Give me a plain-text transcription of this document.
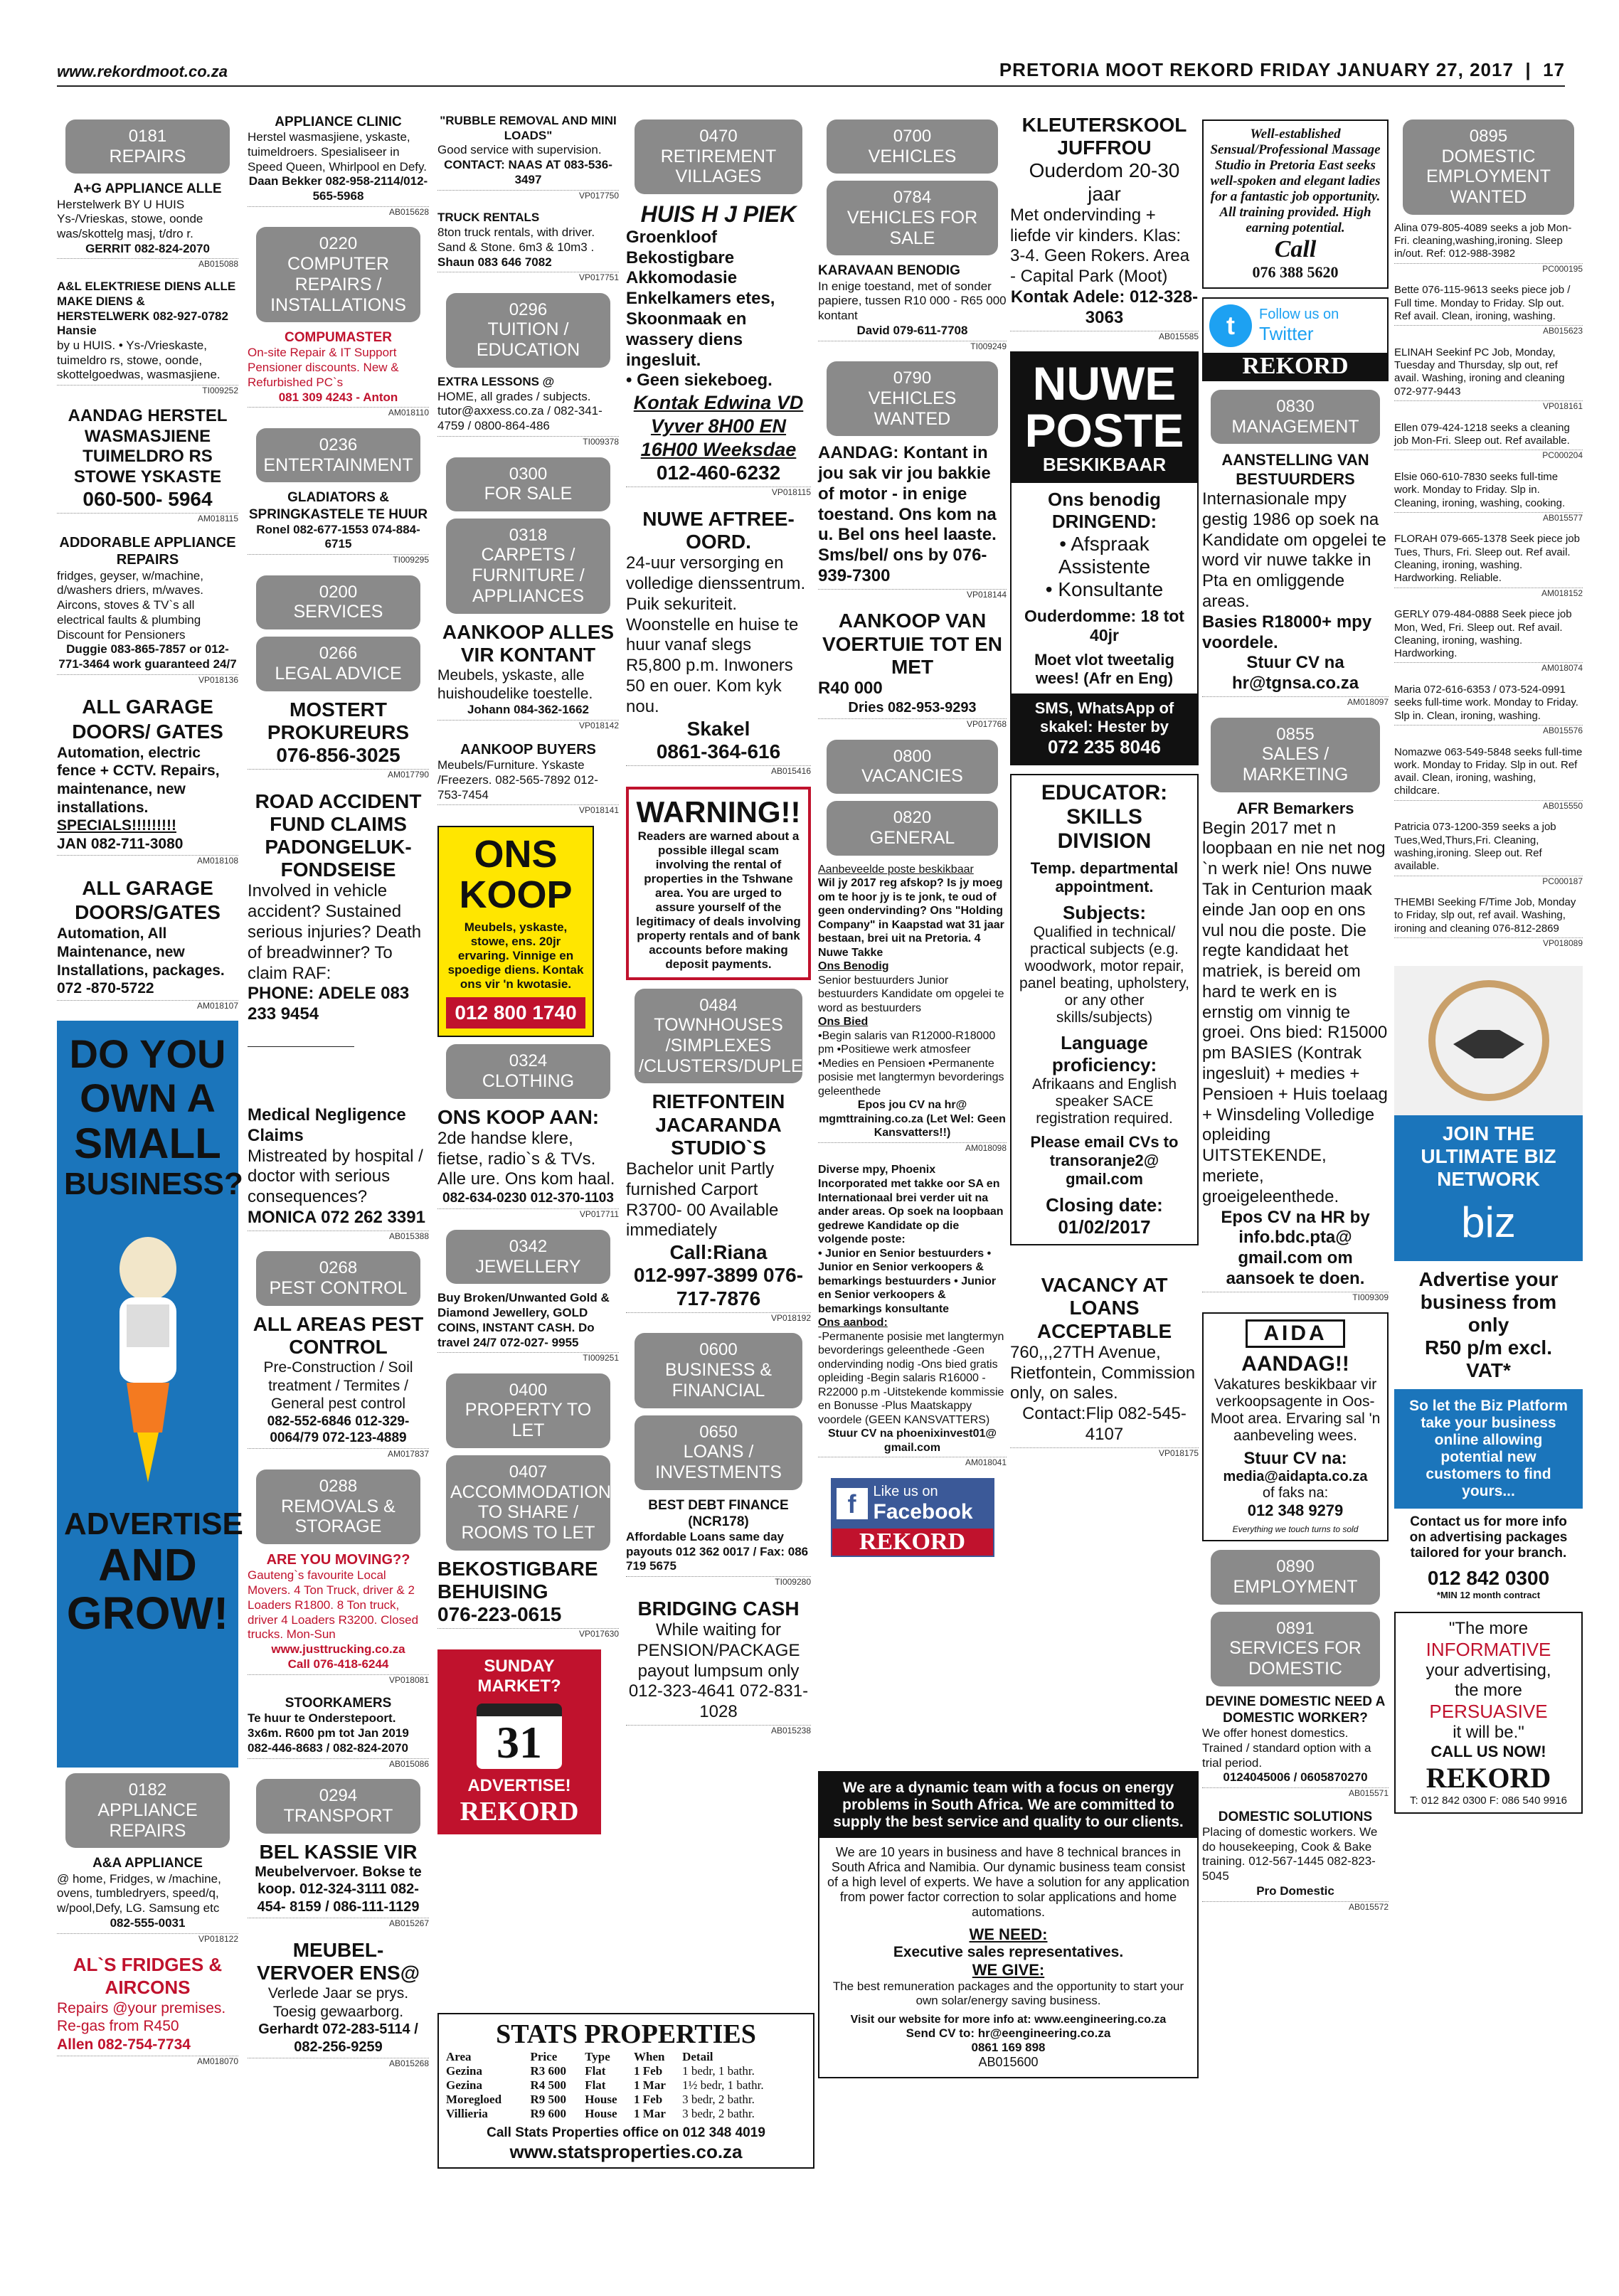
www.rekordmoot.co.za	PRETORIA MOOT REKORD FRIDAY JANUARY 27, 2017  |  17
0181
REPAIRS
A+G APPLIANCE ALLE
Herstelwerk BY U HUIS Ys-/Vrieskas, stowe, oonde was/skottelg masj, t/dro r.
GERRIT 082-824-2070
AB015088
A&L ELEKTRIESE DIENS ALLE MAKE DIENS & HERSTELWERK 082-927-0782 Hansie
by u HUIS. • Ys-/Vrieskaste, tuimeldro rs, stowe, oonde, skottelgoedwas, wasmasjiene.
TI009252
AANDAG HERSTEL WASMASJIENE TUIMELDRO RS STOWE YSKASTE
060-500- 5964
AM018115
ADDORABLE APPLIANCE REPAIRS
fridges, geyser, w/machine, d/washers driers, m/waves. Aircons, stoves & TV`s all electrical faults & plumbing Discount for Pensioners
Duggie 083-865-7857 or 012-771-3464 work guaranteed 24/7
VP018136
ALL GARAGE DOORS/ GATES
Automation, electric fence + CCTV. Repairs, maintenance, new installations.
SPECIALS!!!!!!!!!
JAN 082-711-3080
AM018108
ALL GARAGE DOORS/GATES
Automation, All Maintenance, new Installations, packages.
072 -870-5722
AM018107
DO YOU
OWN A
SMALL
BUSINESS?
ADVERTISE
AND
GROW!
0182
APPLIANCE REPAIRS
A&A APPLIANCE
@ home, Fridges, w /machine, ovens, tumbledryers, speed/q, w/pool,Defy, LG. Samsung etc
082-555-0031
VP018122
AL`S FRIDGES & AIRCONS
Repairs @your premises. Re-gas from R450
Allen 082-754-7734
AM018070
APPLIANCE CLINIC
Herstel wasmasjiene, yskaste, tuimeldroers. Spesialiseer in Speed Queen, Whirlpool en Defy.
Daan Bekker 082-958-2114/012-565-5968
AB015628
0220
COMPUTER REPAIRS / INSTALLATIONS
COMPUMASTER
On-site Repair & IT Support Pensioner discounts. New & Refurbished PC`s
081 309 4243 - Anton
AM018110
0236
ENTERTAINMENT
GLADIATORS & SPRINGKASTELE TE HUUR
Ronel 082-677-1553 074-884-6715
TI009295
0200
SERVICES
0266
LEGAL ADVICE
MOSTERT PROKUREURS
076-856-3025
AM017790
ROAD ACCIDENT FUND CLAIMS PADONGELUK-FONDSEISE
Involved in vehicle accident? Sustained serious injuries? Death of breadwinner? To claim RAF:
PHONE: ADELE 083 233 9454
Medical Negligence Claims
Mistreated by hospital / doctor with serious consequences?
MONICA 072 262 3391
AB015388
0268
PEST CONTROL
ALL AREAS PEST CONTROL
Pre-Construction / Soil treatment / Termites / General pest control
082-552-6846 012-329-0064/79 072-123-4889
AM017837
0288
REMOVALS & STORAGE
ARE YOU MOVING??
Gauteng`s favourite Local Movers. 4 Ton Truck, driver & 2 Loaders R1800. 8 Ton truck, driver 4 Loaders R3200. Closed trucks. Mon-Sun
www.justtrucking.co.za
Call 076-418-6244
VP018081
STOORKAMERS
Te huur te Onderstepoort. 3x6m. R600 pm tot Jan 2019 082-446-8683 / 082-824-2070
AB015086
0294
TRANSPORT
BEL KASSIE VIR
Meubelvervoer. Bokse te koop. 012-324-3111 082-454- 8159 / 086-111-1129
AB015267
MEUBEL-VERVOER ENS@
Verlede Jaar se prys. Toesig gewaarborg.
Gerhardt 072-283-5114 / 082-256-9259
AB015268
"RUBBLE REMOVAL AND MINI LOADS"
Good service with supervision.
CONTACT: NAAS AT 083-536-3497
VP017750
TRUCK RENTALS
8ton truck rentals, with driver. Sand & Stone. 6m3 & 10m3 .
Shaun 083 646 7082
VP017751
0296
TUITION / EDUCATION
EXTRA LESSONS @
HOME, all grades / subjects. tutor@axxess.co.za / 082-341-4759 / 0800-864-486
TI009378
0300
FOR SALE
0318
CARPETS / FURNITURE / APPLIANCES
AANKOOP ALLES VIR KONTANT
Meubels, yskaste, alle huishoudelike toestelle.
Johann 084-362-1662
VP018142
AANKOOP BUYERS
Meubels/Furniture. Yskaste /Freezers. 082-565-7892 012- 753-7454
VP018141
ONS KOOP
Meubels, yskaste, stowe, ens. 20jr ervaring. Vinnige en spoedige diens. Kontak ons vir 'n kwotasie.
012 800 1740
0324
CLOTHING
ONS KOOP AAN:
2de handse klere, fietse, radio`s & TVs. Alle ure. Ons kom haal.
082-634-0230 012-370-1103
VP017711
0342
JEWELLERY
Buy Broken/Unwanted Gold & Diamond Jewellery, GOLD COINS, INSTANT CASH. Do travel 24/7 072-027- 9955
TI009251
0400
PROPERTY TO LET
0407
ACCOMMODATION TO SHARE / ROOMS TO LET
BEKOSTIGBARE BEHUISING
076-223-0615
VP017630
SUNDAY MARKET?
31
ADVERTISE!
REKORD
0470
RETIREMENT VILLAGES
HUIS H J PIEK
Groenkloof Bekostigbare Akkomodasie Enkelkamers etes, Skoonmaak en wassery diens ingesluit.
• Geen siekeboeg.
Kontak Edwina VD Vyver 8H00 EN 16H00 Weeksdae
012-460-6232
VP018115
NUWE AFTREE-OORD.
24-uur versorging en volledige dienssentrum. Puik sekuriteit. Woonstelle en huise te huur vanaf slegs R5,800 p.m. Inwoners 50 en ouer. Kom kyk nou.
Skakel
0861-364-616
AB015416
WARNING!!
Readers are warned about a possible illegal scam involving the rental of properties in the Tshwane area. You are urged to assure yourself of the legitimacy of deals involving property rentals and of bank accounts before making deposit payments.
0484
TOWNHOUSES /SIMPLEXES /CLUSTERS/DUPLEXES
RIETFONTEIN JACARANDA STUDIO`S
Bachelor unit Partly furnished Carport R3700- 00 Available immediately
Call:Riana
012-997-3899 076-717-7876
VP018192
0600
BUSINESS & FINANCIAL
0650
LOANS / INVESTMENTS
BEST DEBT FINANCE (NCR178)
Affordable Loans same day payouts 012 362 0017 / Fax: 086 719 5675
TI009280
BRIDGING CASH
While waiting for PENSION/PACKAGE payout lumpsum only
012-323-4641 072-831-1028
AB015238
0700
VEHICLES
0784
VEHICLES FOR SALE
KARAVAAN BENODIG
In enige toestand, met of sonder papiere, tussen R10 000 - R65 000 kontant
David 079-611-7708
TI009249
0790
VEHICLES WANTED
AANDAG: Kontant in jou sak vir jou bakkie of motor - in enige toestand. Ons kom na u. Bel ons heel laaste. Sms/bel/ ons by 076-939-7300
VP018144
AANKOOP VAN VOERTUIE TOT EN MET
R40 000
Dries 082-953-9293
VP017768
0800
VACANCIES
0820
GENERAL
Aanbeveelde poste beskikbaar
Wil jy 2017 reg afskop? Is jy moeg om te hoor jy is te jonk, te oud of geen ondervinding? Ons "Holding Company" in Kaapstad wat 31 jaar bestaan, brei uit na Pretoria. 4 Nuwe Takke
Ons Benodig
Senior bestuurders Junior bestuurders Kandidate om opgelei te word as bestuurders
Ons Bied
•Begin salaris van R12000-R18000 pm •Positiewe werk atmosfeer •Medies en Pensioen •Permanente posisie met langtermyn bevorderings geleenthede
Epos jou CV na hr@ mgmttraining.co.za (Let Wel: Geen Kansvatters!!)
AM018098
Diverse mpy, Phoenix Incorporated met takke oor SA en Internationaal brei verder uit na ander areas. Op soek na loopbaan gedrewe Kandidate op die volgende poste:
• Junior en Senior bestuurders • Junior en Senior verkoopers & bemarkings bestuurders • Junior en Senior verkoopers & bemarkings konsultante
Ons aanbod:
-Permanente posisie met langtermyn bevorderings geleenthede -Geen ondervinding nodig -Ons bied gratis opleiding -Begin salaris R16000 - R22000 p.m -Uitstekende kommissie en Bonusse -Plus Maatskappy voordele (GEEN KANSVATTERS)
Stuur CV na phoenixinvest01@ gmail.com
AM018041
f	Like us on
Facebook
REKORD
KLEUTERSKOOL JUFFROU
Ouderdom 20-30 jaar
Met ondervinding + liefde vir kinders. Klas: 3-4. Geen Rokers. Area - Capital Park (Moot)
Kontak Adele: 012-328-3063
AB015585
NUWE
POSTE
BESKIKBAAR
Ons benodig DRINGEND:
• Afspraak Assistente
• Konsultante
Ouderdomme: 18 tot 40jr
Moet vlot tweetalig wees! (Afr en Eng)
SMS, WhatsApp of skakel: Hester by
072 235 8046
EDUCATOR: SKILLS DIVISION
Temp. departmental appointment.
Subjects:
Qualified in technical/ practical subjects (e.g. woodwork, motor repair, panel beating, upholstery, or any other skills/subjects)
Language proficiency:
Afrikaans and English speaker SACE registration required.
Please email CVs to transoranje2@ gmail.com
Closing date: 01/02/2017
VACANCY AT LOANS ACCEPTABLE
760,,,27TH Avenue, Rietfontein, Commission only, on sales.
Contact:Flip 082-545-4107
VP018175
Well-established Sensual/Professional Massage Studio in Pretoria East seeks well-spoken and elegant ladies for a fantastic job opportunity. All training provided. High earning potential.
Call
076 388 5620
t	Follow us on
Twitter
REKORD
0830
MANAGEMENT
AANSTELLING VAN BESTUURDERS
Internasionale mpy gestig 1986 op soek na Kandidate om opgelei te word vir nuwe takke in Pta en omliggende areas.
Basies R18000+ mpy voordele.
Stuur CV na hr@tgnsa.co.za
AM018097
0855
SALES / MARKETING
AFR Bemarkers
Begin 2017 met n loopbaan en nie net nog `n werk nie! Ons nuwe Tak in Centurion maak einde Jan oop en ons vul nou die poste. Die regte kandidaat het matriek, is bereid om hard te werk en is ernstig om vinnig te groei. Ons bied: R15000 pm BASIES (Kontrak ingesluit) + medies + Pensioen + Huis toelaag + Winsdeling Volledige opleiding UITSTEKENDE, meriete, groeigeleenthede.
Epos CV na HR by info.bdc.pta@ gmail.com om aansoek te doen.
TI009309
AIDA
AANDAG!!
Vakatures beskikbaar vir verkoopsagente in Oos-Moot area. Ervaring sal 'n aanbeveling wees.
Stuur CV na:
media@aidapta.co.za
of faks na:
012 348 9279
Everything we touch turns to sold
0890
EMPLOYMENT
0891
SERVICES FOR DOMESTIC
DEVINE DOMESTIC NEED A DOMESTIC WORKER?
We offer honest domestics. Trained / standard option with a trial period.
0124045006 / 0605870270
AB015571
DOMESTIC SOLUTIONS
Placing of domestic workers. We do housekeeping, Cook & Bake training. 012-567-1445 082-823-5045
Pro Domestic
AB015572
0895
DOMESTIC EMPLOYMENT WANTED
Alina 079-805-4089 seeks a job Mon-Fri. cleaning,washing,ironing. Sleep in/out. Ref: 012-988-3982
PC000195
Bette 076-115-9613 seeks piece job / Full time. Monday to Friday. Slp out. Ref avail. Clean, ironing, washing.
AB015623
ELINAH Seekinf PC Job, Monday, Tuesday and Thursday, slp out, ref avail. Washing, ironing and cleaning 072-977-9443
VP018161
Ellen 079-424-1218 seeks a cleaning job Mon-Fri. Sleep out. Ref available.
PC000204
Elsie 060-610-7830 seeks full-time work. Monday to Friday. Slp in. Cleaning, ironing, washing, cooking.
AB015577
FLORAH 079-665-1378 Seek piece job Tues, Thurs, Fri. Sleep out. Ref avail. Cleaning, ironing, washing. Hardworking. Reliable.
AM018152
GERLY 079-484-0888 Seek piece job Mon, Wed, Fri. Sleep out. Ref avail. Cleaning, ironing, washing. Hardworking.
AM018074
Maria 072-616-6353 / 073-524-0991 seeks full-time work. Monday to Friday. Slp in. Clean, ironing, washing.
AB015576
Nomazwe 063-549-5848 seeks full-time work. Monday to Friday. Slp in out. Ref avail. Clean, ironing, washing, childcare.
AB015550
Patricia 073-1200-359 seeks a job Tues,Wed,Thurs,Fri. Cleaning, washing,ironing. Sleep out. Ref available.
PC000187
THEMBI Seeking F/Time Job, Monday to Friday, slp out, ref avail. Washing, ironing and cleaning 076-812-2869
VP018089
JOIN THE ULTIMATE BIZ NETWORK
biz
Advertise your business from only
R50 p/m excl. VAT*
So let the Biz Platform take your business online allowing potential new customers to find yours...
Contact us for more info on advertising packages tailored for your branch.
012 842 0300
*MIN 12 month contract
"The more
INFORMATIVE
your advertising,
the more
PERSUASIVE
it will be."
CALL US NOW!
REKORD
T: 012 842 0300 F: 086 540 9916
STATS PROPERTIES
Area	Price	Type	When	Detail
Gezina	R3 600	Flat	1 Feb	1 bedr, 1 bathr.
Gezina	R4 500	Flat	1 Mar	1½ bedr, 1 bathr.
Moregloed	R9 500	House	1 Feb	3 bedr, 2 bathr.
Villieria	R9 600	House	1 Mar	3 bedr, 2 bathr.
Call Stats Properties office on 012 348 4019
www.statsproperties.co.za
We are a dynamic team with a focus on energy problems in South Africa. We are committed to supply the best service and quality to our clients.
We are 10 years in business and have 8 technical brances in South Africa and Namibia. Our dynamic business team consist of a high level of experts. We have a solution for any application from power factor correction to solar applications and home automations.
WE NEED:
Executive sales representatives.
WE GIVE:
The best remuneration packages and the opportunity to start your own solar/energy saving business.
Visit our website for more info at: www.eengineering.co.za
Send CV to: hr@eengineering.co.za
0861 169 898
AB015600
